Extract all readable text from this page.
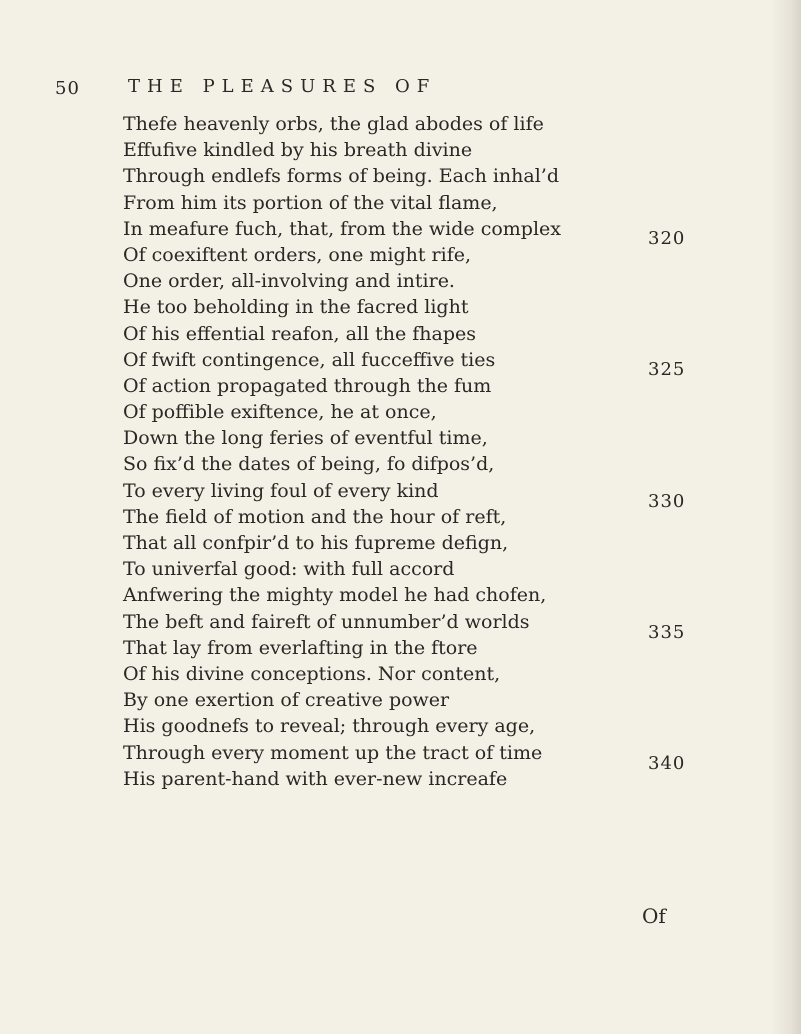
50	THE PLEASURES OF
Thefe heavenly orbs, the glad abodes of life
Effufive kindled by his breath divine
Through endlefs forms of being. Each inhal’d
From him its portion of the vital flame,
In meafure fuch, that, from the wide complex
Of coexiftent orders, one might rife,
One order, all-involving and intire.
He too beholding in the facred light
Of his effential reafon, all the fhapes
Of fwift contingence, all fucceffive ties
Of action propagated through the fum
Of poffible exiftence, he at once,
Down the long feries of eventful time,
So fix’d the dates of being, fo difpos’d,
To every living foul of every kind
The field of motion and the hour of reft,
That all confpir’d to his fupreme defign,
To univerfal good: with full accord
Anfwering the mighty model he had chofen,
The beft and faireft of unnumber’d worlds
That lay from everlafting in the ftore
Of his divine conceptions. Nor content,
By one exertion of creative power
His goodnefs to reveal; through every age,
Through every moment up the tract of time
His parent-hand with ever-new increafe
320
325
330
335
340
Of
